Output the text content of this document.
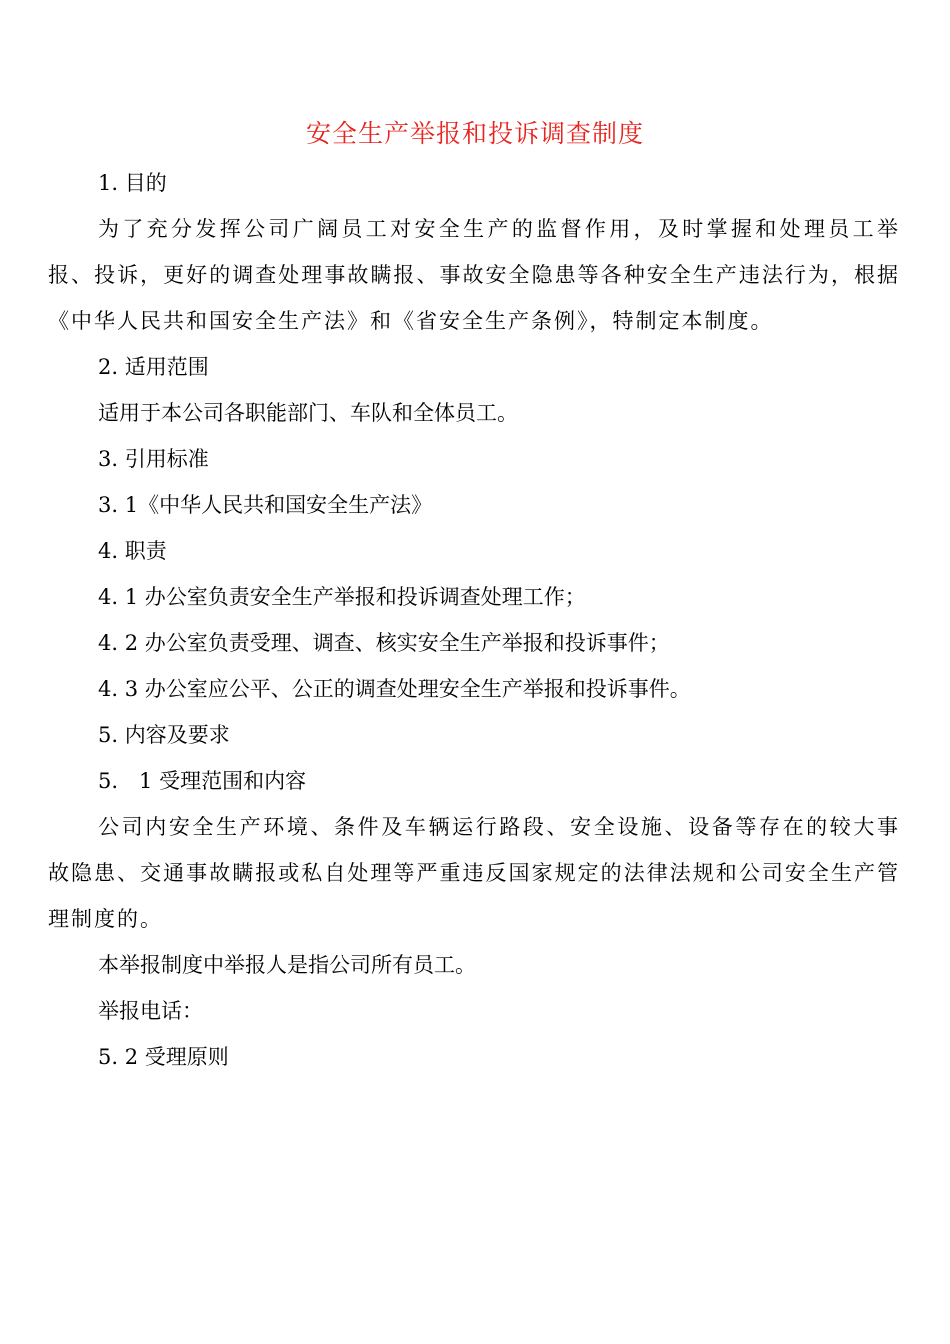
安全生产举报和投诉调查制度

1. 目的

为了充分发挥公司广阔员工对安全生产的监督作用，及时掌握和处理员工举报、投诉，更好的调查处理事故瞒报、事故安全隐患等各种安全生产违法行为，根据《中华人民共和国安全生产法》和《省安全生产条例》，特制定本制度。

2. 适用范围

适用于本公司各职能部门、车队和全体员工。

3. 引用标准

3. 1《中华人民共和国安全生产法》

4. 职责

4. 1 办公室负责安全生产举报和投诉调查处理工作；

4. 2 办公室负责受理、调查、核实安全生产举报和投诉事件；

4. 3 办公室应公平、公正的调查处理安全生产举报和投诉事件。

5. 内容及要求

5.　1 受理范围和内容

公司内安全生产环境、条件及车辆运行路段、安全设施、设备等存在的较大事故隐患、交通事故瞒报或私自处理等严重违反国家规定的法律法规和公司安全生产管理制度的。

本举报制度中举报人是指公司所有员工。

举报电话：

5. 2 受理原则
